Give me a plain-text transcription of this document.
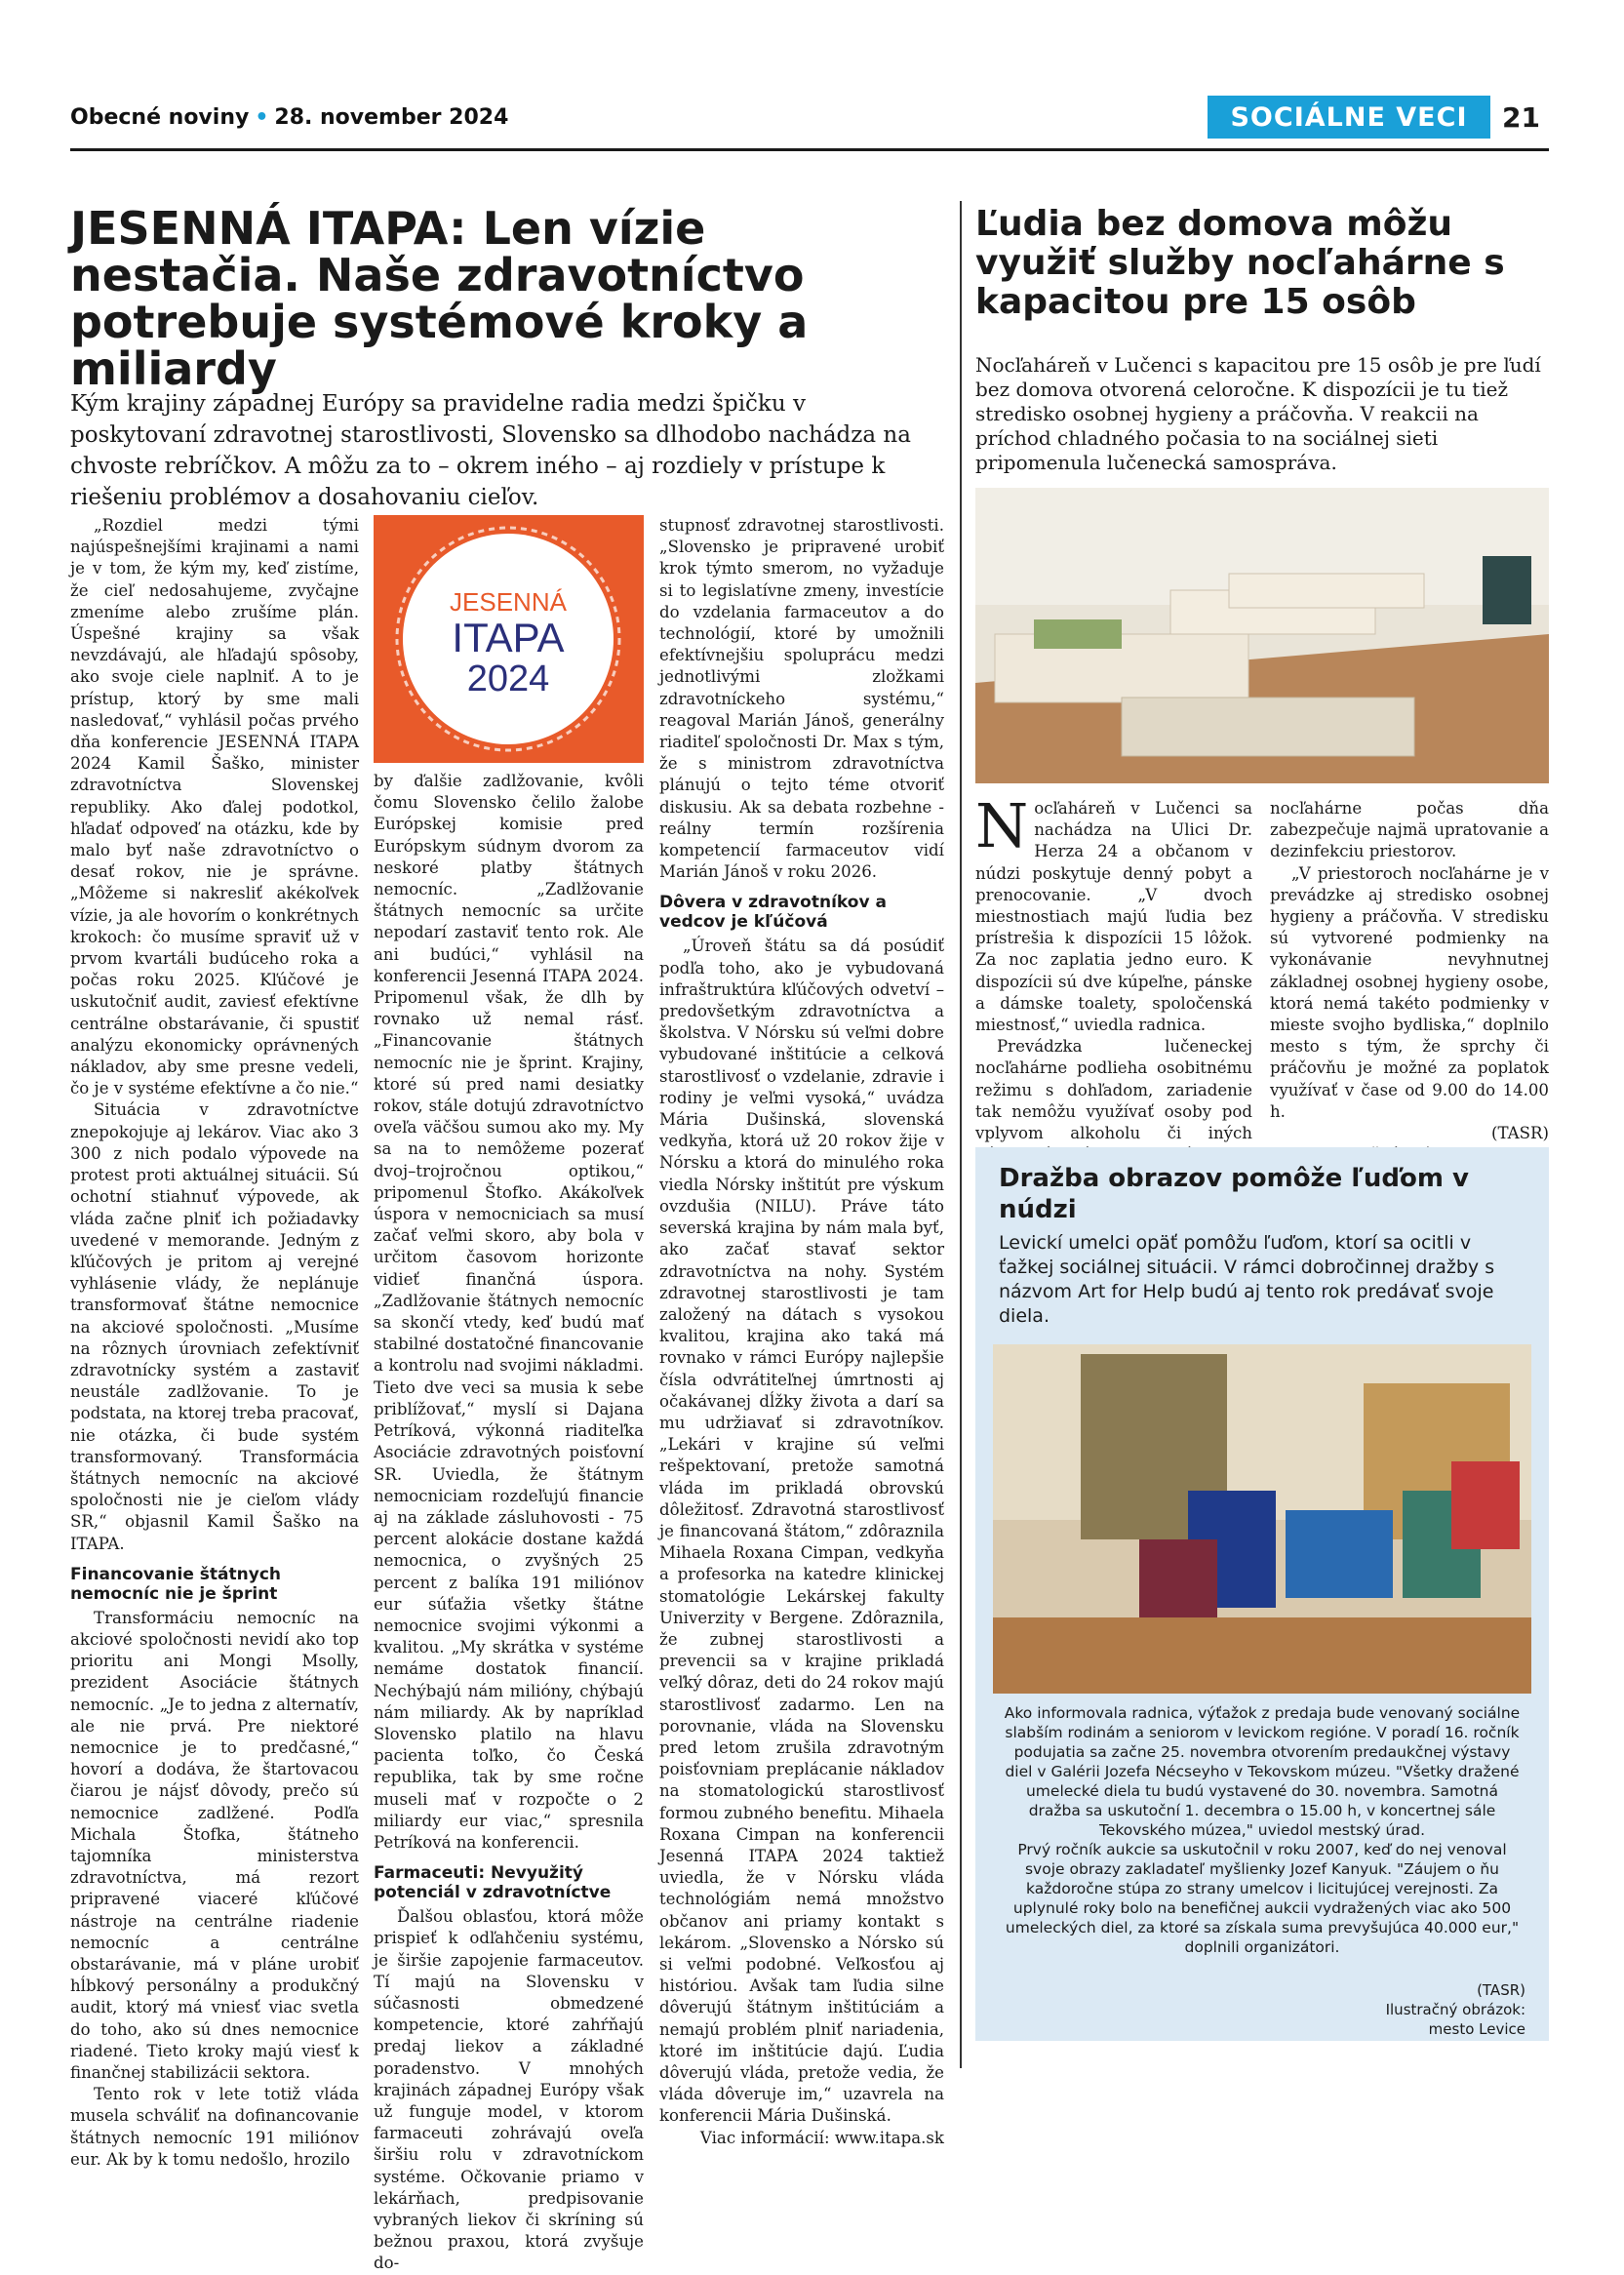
Obecné noviny • 28. november 2024	SOCIÁLNE VECI	21
JESENNÁ ITAPA: Len vízie nestačia. Naše zdravotníctvo potrebuje systémové kroky a miliardy
Kým krajiny západnej Európy sa pravidelne radia medzi špičku v poskytovaní zdravotnej starostlivosti, Slovensko sa dlhodobo nachádza na chvoste rebríčkov. A môžu za to – okrem iného – aj rozdiely v prístupe k riešeniu problémov a dosahovaniu cieľov.

„Rozdiel medzi tými najúspešnejšími krajinami a nami je v tom, že kým my, keď zistíme, že cieľ nedosahujeme, zvyčajne zmeníme alebo zrušíme plán. Úspešné krajiny sa však nevzdávajú, ale hľadajú spôsoby, ako svoje ciele naplniť. A to je prístup, ktorý by sme mali nasledovať,“ vyhlásil počas prvého dňa konferencie JESENNÁ ITAPA 2024 Kamil Šaško, minister zdravotníctva Slovenskej republiky. Ako ďalej podotkol, hľadať odpoveď na otázku, kde by malo byť naše zdravotníctvo o desať rokov, nie je správne. „Môžeme si nakresliť akékoľvek vízie, ja ale hovorím o konkrétnych krokoch: čo musíme spraviť už v prvom kvartáli budúceho roka a počas roku 2025. Kľúčové je uskutočniť audit, zaviesť efektívne centrálne obstarávanie, či spustiť analýzu ekonomicky oprávnených nákladov, aby sme presne vedeli, čo je v systéme efektívne a čo nie.“

Situácia v zdravotníctve znepokojuje aj lekárov. Viac ako 3 300 z nich podalo výpovede na protest proti aktuálnej situácii. Sú ochotní stiahnuť výpovede, ak vláda začne plniť ich požiadavky uvedené v memorande. Jedným z kľúčových je pritom aj verejné vyhlásenie vlády, že neplánuje transformovať štátne nemocnice na akciové spoločnosti. „Musíme na rôznych úrovniach zefektívniť zdravotnícky systém a zastaviť neustále zadlžovanie. To je podstata, na ktorej treba pracovať, nie otázka, či bude systém transformovaný. Transformácia štátnych nemocníc na akciové spoločnosti nie je cieľom vlády SR,“ objasnil Kamil Šaško na ITAPA.

Financovanie štátnych nemocníc nie je šprint

Transformáciu nemocníc na akciové spoločnosti nevidí ako top prioritu ani Mongi Msolly, prezident Asociácie štátnych nemocníc. „Je to jedna z alternatív, ale nie prvá. Pre niektoré nemocnice je to predčasné,“ hovorí a dodáva, že štartovacou čiarou je nájsť dôvody, prečo sú nemocnice zadlžené. Podľa Michala Štofka, štátneho tajomníka ministerstva zdravotníctva, má rezort pripravené viaceré kľúčové nástroje na centrálne riadenie nemocníc a centrálne obstarávanie, má v pláne urobiť hĺbkový personálny a produkčný audit, ktorý má vniesť viac svetla do toho, ako sú dnes nemocnice riadené. Tieto kroky majú viesť k finančnej stabilizácii sektora.

Tento rok v lete totiž vláda musela schváliť na dofinancovanie štátnych nemocníc 191 miliónov eur. Ak by k tomu nedošlo, hrozilo

JESENNÁ
ITAPA
2024

by ďalšie zadlžovanie, kvôli čomu Slovensko čelilo žalobe Európskej komisie pred Európskym súdnym dvorom za neskoré platby štátnych nemocníc. „Zadlžovanie štátnych nemocníc sa určite nepodarí zastaviť tento rok. Ale ani budúci,“ vyhlásil na konferencii Jesenná ITAPA 2024. Pripomenul však, že dlh by rovnako už nemal rásť. „Financovanie štátnych nemocníc nie je šprint. Krajiny, ktoré sú pred nami desiatky rokov, stále dotujú zdravotníctvo oveľa väčšou sumou ako my. My sa na to nemôžeme pozerať dvoj–trojročnou optikou,“ pripomenul Štofko. Akákoľvek úspora v nemocniciach sa musí začať veľmi skoro, aby bola v určitom časovom horizonte vidieť finančná úspora. „Zadlžovanie štátnych nemocníc sa skončí vtedy, keď budú mať stabilné dostatočné financovanie a kontrolu nad svojimi nákladmi. Tieto dve veci sa musia k sebe priblížovať,“ myslí si Dajana Petríková, výkonná riaditeľka Asociácie zdravotných poisťovní SR. Uviedla, že štátnym nemocniciam rozdeľujú financie aj na základe zásluhovosti - 75 percent alokácie dostane každá nemocnica, o zvyšných 25 percent z balíka 191 miliónov eur súťažia všetky štátne nemocnice svojimi výkonmi a kvalitou. „My skrátka v systéme nemáme dostatok financií. Nechýbajú nám milióny, chýbajú nám miliardy. Ak by napríklad Slovensko platilo na hlavu pacienta toľko, čo Česká republika, tak by sme ročne museli mať v rozpočte o 2 miliardy eur viac,“ spresnila Petríková na konferencii.

Farmaceuti: Nevyužitý potenciál v zdravotníctve

Ďalšou oblasťou, ktorá môže prispieť k odľahčeniu systému, je širšie zapojenie farmaceutov. Tí majú na Slovensku v súčasnosti obmedzené kompetencie, ktoré zahŕňajú predaj liekov a základné poradenstvo. V mnohých krajinách západnej Európy však už funguje model, v ktorom farmaceuti zohrávajú oveľa širšiu rolu v zdravotníckom systéme. Očkovanie priamo v lekárňach, predpisovanie vybraných liekov či skríning sú bežnou praxou, ktorá zvyšuje do-

stupnosť zdravotnej starostlivosti. „Slovensko je pripravené urobiť krok týmto smerom, no vyžaduje si to legislatívne zmeny, investície do vzdelania farmaceutov a do technológií, ktoré by umožnili efektívnejšiu spoluprácu medzi jednotlivými zložkami zdravotníckeho systému,“ reagoval Marián Jánoš, generálny riaditeľ spoločnosti Dr. Max s tým, že s ministrom zdravotníctva plánujú o tejto téme otvoriť diskusiu. Ak sa debata rozbehne - reálny termín rozšírenia kompetencií farmaceutov vidí Marián Jánoš v roku 2026.

Dôvera v zdravotníkov a vedcov je kľúčová

„Úroveň štátu sa dá posúdiť podľa toho, ako je vybudovaná infraštruktúra kľúčových odvetví – predovšetkým zdravotníctva a školstva. V Nórsku sú veľmi dobre vybudované inštitúcie a celková starostlivosť o vzdelanie, zdravie i rodiny je veľmi vysoká,“ uvádza Mária Dušinská, slovenská vedkyňa, ktorá už 20 rokov žije v Nórsku a ktorá do minulého roka viedla Nórsky inštitút pre výskum ovzdušia (NILU). Práve táto severská krajina by nám mala byť, ako začať stavať sektor zdravotníctva na nohy. Systém zdravotnej starostlivosti je tam založený na dátach s vysokou kvalitou, krajina ako taká má rovnako v rámci Európy najlepšie čísla odvrátiteľnej úmrtnosti aj očakávanej dĺžky života a darí sa mu udržiavať si zdravotníkov. „Lekári v krajine sú veľmi rešpektovaní, pretože samotná vláda im prikladá obrovskú dôležitosť. Zdravotná starostlivosť je financovaná štátom,“ zdôraznila Mihaela Roxana Cimpan, vedkyňa a profesorka na katedre klinickej stomatológie Lekárskej fakulty Univerzity v Bergene. Zdôraznila, že zubnej starostlivosti a prevencii sa v krajine prikladá veľký dôraz, deti do 24 rokov majú starostlivosť zadarmo. Len na porovnanie, vláda na Slovensku pred letom zrušila zdravotným poisťovniam preplácanie nákladov na stomatologickú starostlivosť formou zubného benefitu. Mihaela Roxana Cimpan na konferencii Jesenná ITAPA 2024 taktiež uviedla, že v Nórsku vláda technológiám nemá množstvo občanov ani priamy kontakt s lekárom. „Slovensko a Nórsko sú si veľmi podobné. Veľkosťou aj históriou. Avšak tam ľudia silne dôverujú štátnym inštitúciám a nemajú problém plniť nariadenia, ktoré im inštitúcie dajú. Ľudia dôverujú vláda, pretože vedia, že vláda dôveruje im,“ uzavrela na konferencii Mária Dušinská.

Viac informácií: www.itapa.sk

Ľudia bez domova môžu využiť služby nocľahárne s kapacitou pre 15 osôb
Nocľaháreň v Lučenci s kapacitou pre 15 osôb je pre ľudí bez domova otvorená celoročne. K dispozícii je tu tiež stredisko osobnej hygieny a práčovňa. V reakcii na príchod chladného počasia to na sociálnej sieti pripomenula lučenecká samospráva.
N ocľaháreň v Lučenci sa nachádza na Ulici Dr. Herza 24 a občanom v núdzi poskytuje denný pobyt a prenocovanie. „V dvoch miestnostiach majú ľudia bez prístrešia k dispozícii 15 lôžok. Za noc zaplatia jedno euro. K dispozícii sú dve kúpeľne, pánske a dámske toalety, spoločenská miestnosť,“ uviedla radnica.

Prevádzka lučeneckej nocľahárne podlieha osobitnému režimu s dohľadom, zariadenie tak nemôžu využívať osoby pod vplyvom alkoholu či iných

nocľahárne počas dňa zabezpečuje najmä upratovanie a dezinfekciu priestorov.

„V priestoroch nocľahárne je v prevádzke aj stredisko osobnej hygieny a práčovňa. V stredisku sú vytvorené podmienky na vykonávanie nevyhnutnej základnej osobnej hygieny osobe, ktorá nemá takéto podmienky v mieste svojho bydliska,“ doplnilo mesto s tým, že sprchy či práčovňu je možné za poplatok využívať v čase od 9.00 do 14.00 h.

(TASR)

Dražba obrazov pomôže ľuďom v núdzi
Levickí umelci opäť pomôžu ľuďom, ktorí sa ocitli v ťažkej sociálnej situácii. V rámci dobročinnej dražby s názvom Art for Help budú aj tento rok predávať svoje diela.
Ako informovala radnica, výťažok z predaja bude venovaný sociálne slabším rodinám a seniorom v levickom regióne. V poradí 16. ročník podujatia sa začne 25. novembra otvorením predaukčnej výstavy diel v Galérii Jozefa Nécseyho v Tekovskom múzeu. "Všetky dražené umelecké diela tu budú vystavené do 30. novembra. Samotná dražba sa uskutoční 1. decembra o 15.00 h, v koncertnej sále Tekovského múzea," uviedol mestský úrad.
Prvý ročník aukcie sa uskutočnil v roku 2007, keď do nej venoval svoje obrazy zakladateľ myšlienky Jozef Kanyuk. "Záujem o ňu každoročne stúpa zo strany umelcov i licitujúcej verejnosti. Za uplynulé roky bolo na benefičnej aukcii vydražených viac ako 500 umeleckých diel, za ktoré sa získala suma prevyšujúca 40.000 eur," doplnili organizátori.
(TASR)
Ilustračný obrázok:
mesto Levice
